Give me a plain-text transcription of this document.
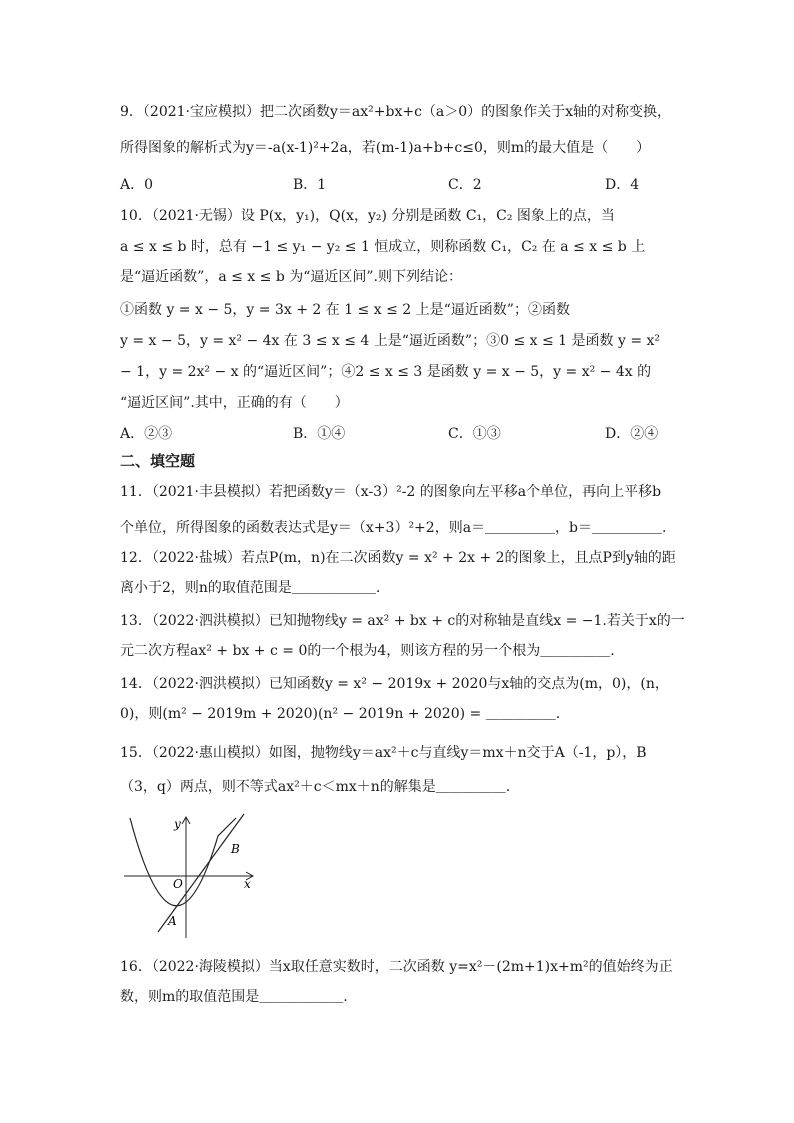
9．（2021·宝应模拟）把二次函数y＝ax²+bx+c（a＞0）的图象作关于x轴的对称变换，
所得图象的解析式为y＝-a(x-1)²+2a，若(m-1)a+b+c≤0，则m的最大值是（　　）
A．0	B．1	C．2	D．4
10．（2021·无锡）设 P(x，y₁)，Q(x，y₂) 分别是函数 C₁，C₂ 图象上的点，当
a ≤ x ≤ b 时，总有 −1 ≤ y₁ − y₂ ≤ 1 恒成立，则称函数 C₁，C₂ 在 a ≤ x ≤ b 上
是“逼近函数”，a ≤ x ≤ b 为“逼近区间”.则下列结论：
①函数 y = x − 5，y = 3x + 2 在 1 ≤ x ≤ 2 上是“逼近函数”；②函数
y = x − 5，y = x² − 4x 在 3 ≤ x ≤ 4 上是“逼近函数”；③0 ≤ x ≤ 1 是函数 y = x²
− 1，y = 2x² − x 的“逼近区间”；④2 ≤ x ≤ 3 是函数 y = x − 5，y = x² − 4x 的
“逼近区间”.其中，正确的有（　　）
A．②③	B．①④	C．①③	D．②④
二、填空题
11．（2021·丰县模拟）若把函数y＝（x-3）²-2 的图象向左平移a个单位，再向上平移b
个单位，所得图象的函数表达式是y＝（x+3）²+2，则a＝＿＿＿＿＿，b＝＿＿＿＿＿.
12．（2022·盐城）若点P(m，n)在二次函数y = x² + 2x + 2的图象上，且点P到y轴的距
离小于2，则n的取值范围是＿＿＿＿＿＿.
13．（2022·泗洪模拟）已知抛物线y = ax² + bx + c的对称轴是直线x = −1.若关于x的一
元二次方程ax² + bx + c = 0的一个根为4，则该方程的另一个根为＿＿＿＿＿.
14．（2022·泗洪模拟）已知函数y = x² − 2019x + 2020与x轴的交点为(m，0)，(n，
0)，则(m² − 2019m + 2020)(n² − 2019n + 2020) = ＿＿＿＿＿.
15．（2022·惠山模拟）如图，抛物线y＝ax²＋c与直线y＝mx＋n交于A（-1，p），B
（3，q）两点，则不等式ax²＋c＜mx＋n的解集是＿＿＿＿＿.
y
x
O
A
B
16．（2022·海陵模拟）当x取任意实数时，二次函数 y=x²－(2m+1)x+m²的值始终为正
数，则m的取值范围是＿＿＿＿＿＿.
